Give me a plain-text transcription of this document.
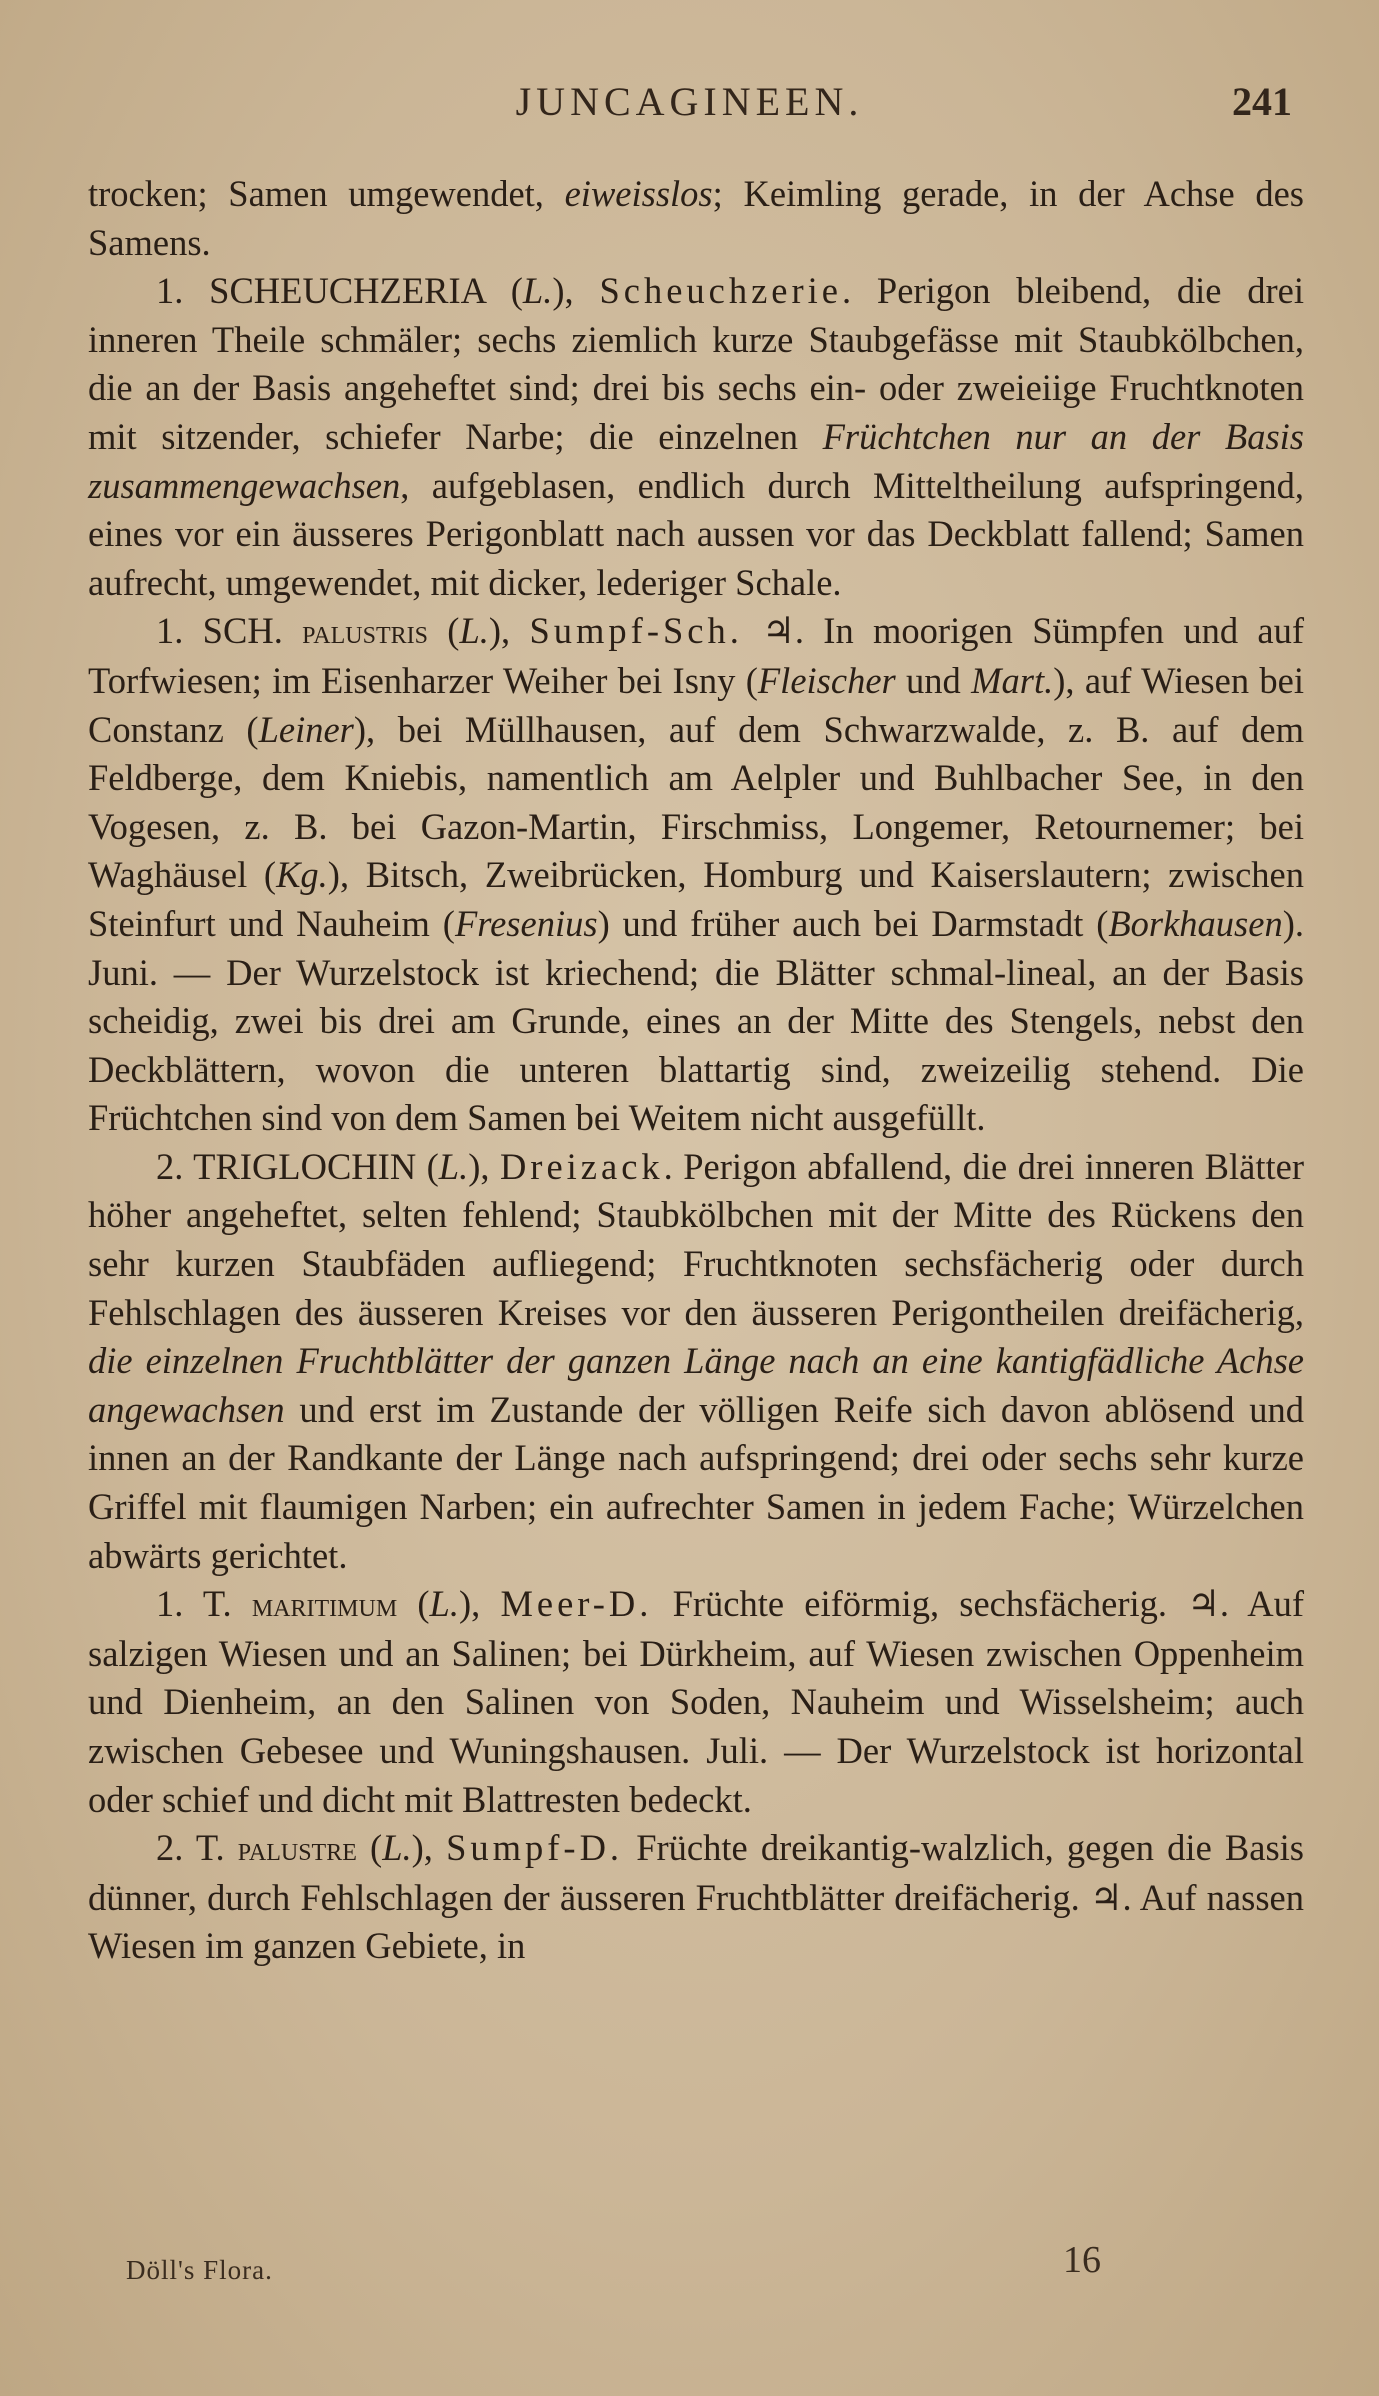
JUNCAGINEEN.	241

trocken; Samen umgewendet, eiweisslos; Keimling gerade, in der Achse des Samens.

1. SCHEUCHZERIA (L.), Scheuchzerie. Perigon bleibend, die drei inneren Theile schmäler; sechs ziemlich kurze Staubgefässe mit Staubkölbchen, die an der Basis angeheftet sind; drei bis sechs ein- oder zweieiige Fruchtknoten mit sitzender, schiefer Narbe; die einzelnen Früchtchen nur an der Basis zusammengewachsen, aufgeblasen, endlich durch Mitteltheilung aufspringend, eines vor ein äusseres Perigonblatt nach aussen vor das Deckblatt fallend; Samen aufrecht, umgewendet, mit dicker, lederiger Schale.

1. SCH. palustris (L.), Sumpf-Sch. ♃. In moorigen Sümpfen und auf Torfwiesen; im Eisenharzer Weiher bei Isny (Fleischer und Mart.), auf Wiesen bei Constanz (Leiner), bei Müllhausen, auf dem Schwarzwalde, z. B. auf dem Feldberge, dem Kniebis, namentlich am Aelpler und Buhlbacher See, in den Vogesen, z. B. bei Gazon-Martin, Firschmiss, Longemer, Retournemer; bei Waghäusel (Kg.), Bitsch, Zweibrücken, Homburg und Kaiserslautern; zwischen Steinfurt und Nauheim (Fresenius) und früher auch bei Darmstadt (Borkhausen). Juni. — Der Wurzelstock ist kriechend; die Blätter schmal-lineal, an der Basis scheidig, zwei bis drei am Grunde, eines an der Mitte des Stengels, nebst den Deckblättern, wovon die unteren blattartig sind, zweizeilig stehend. Die Früchtchen sind von dem Samen bei Weitem nicht ausgefüllt.

2. TRIGLOCHIN (L.), Dreizack. Perigon abfallend, die drei inneren Blätter höher angeheftet, selten fehlend; Staubkölbchen mit der Mitte des Rückens den sehr kurzen Staubfäden aufliegend; Fruchtknoten sechsfächerig oder durch Fehlschlagen des äusseren Kreises vor den äusseren Perigontheilen dreifächerig, die einzelnen Fruchtblätter der ganzen Länge nach an eine kantigfädliche Achse angewachsen und erst im Zustande der völligen Reife sich davon ablösend und innen an der Randkante der Länge nach aufspringend; drei oder sechs sehr kurze Griffel mit flaumigen Narben; ein aufrechter Samen in jedem Fache; Würzelchen abwärts gerichtet.

1. T. maritimum (L.), Meer-D. Früchte eiförmig, sechsfächerig. ♃. Auf salzigen Wiesen und an Salinen; bei Dürkheim, auf Wiesen zwischen Oppenheim und Dienheim, an den Salinen von Soden, Nauheim und Wisselsheim; auch zwischen Gebesee und Wuningshausen. Juli. — Der Wurzelstock ist horizontal oder schief und dicht mit Blattresten bedeckt.

2. T. palustre (L.), Sumpf-D. Früchte dreikantig-walzlich, gegen die Basis dünner, durch Fehlschlagen der äusseren Fruchtblätter dreifächerig. ♃. Auf nassen Wiesen im ganzen Gebiete, in

Döll's Flora.	16
